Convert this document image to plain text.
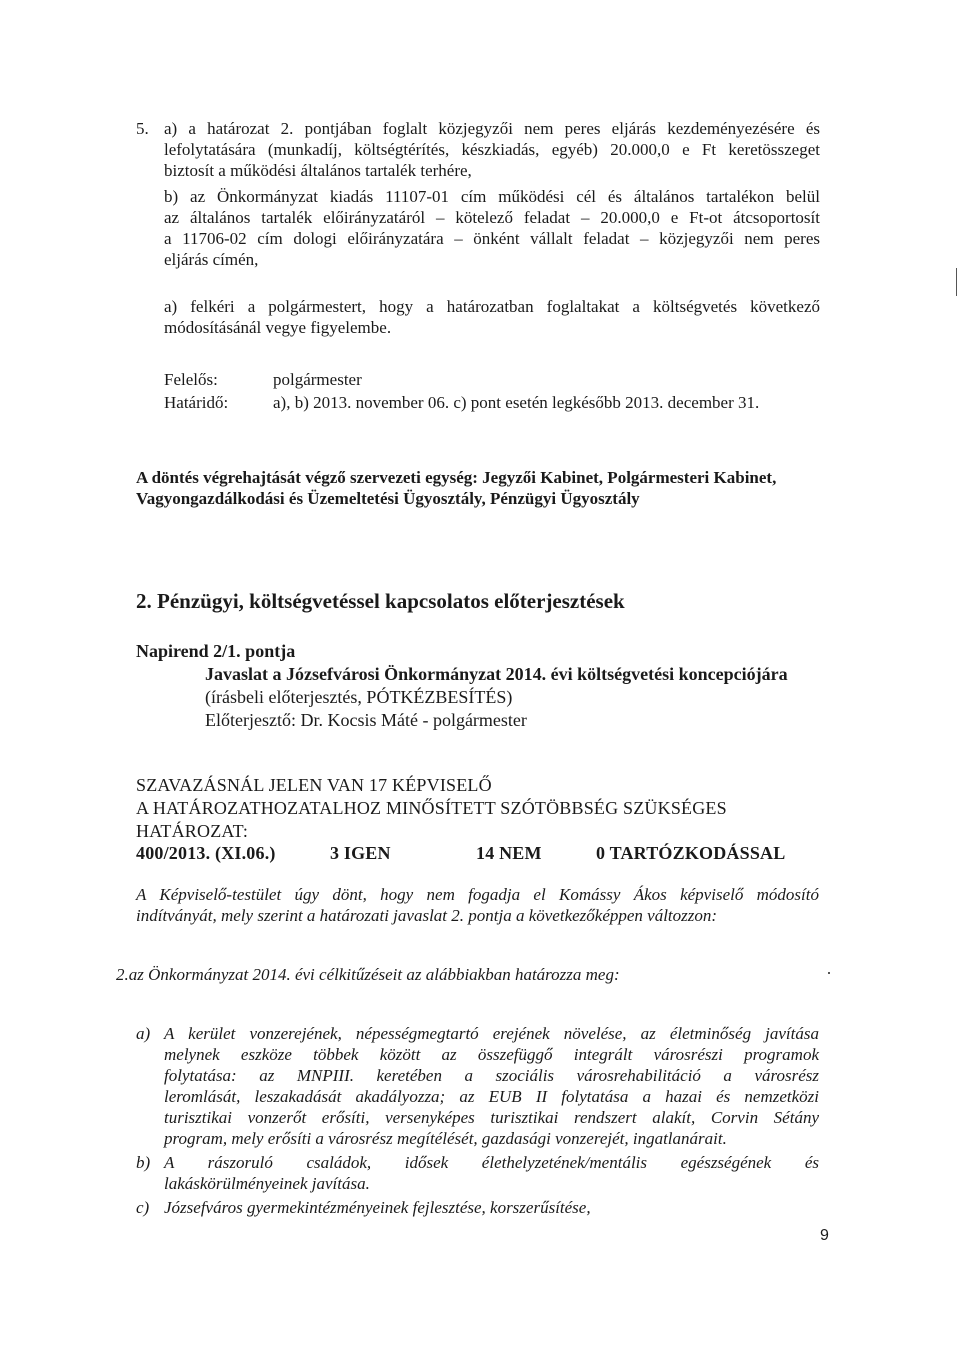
5. a) a határozat 2. pontjában foglalt közjegyzői nem peres eljárás kezdeményezésére és
lefolytatására (munkadíj, költségtérítés, készkiadás, egyéb) 20.000,0 e Ft keretösszeget
biztosít a működési általános tartalék terhére,
b) az Önkormányzat kiadás 11107-01 cím működési cél és általános tartalékon belül
az általános tartalék előirányzatáról – kötelező feladat – 20.000,0 e Ft-ot átcsoportosít
a 11706-02 cím dologi előirányzatára – önként vállalt feladat – közjegyzői nem peres
eljárás címén,
a) felkéri a polgármestert, hogy a határozatban foglaltakat a költségvetés következő
módosításánál vegye figyelembe.
Felelős:	polgármester
Határidő:	a), b) 2013. november 06. c) pont esetén legkésőbb 2013. december 31.
A döntés végrehajtását végző szervezeti egység: Jegyzői Kabinet, Polgármesteri Kabinet,
Vagyongazdálkodási és Üzemeltetési Ügyosztály, Pénzügyi Ügyosztály
2. Pénzügyi, költségvetéssel kapcsolatos előterjesztések
Napirend 2/1. pontja
Javaslat a Józsefvárosi Önkormányzat 2014. évi költségvetési koncepciójára
(írásbeli előterjesztés, PÓTKÉZBESÍTÉS)
Előterjesztő: Dr. Kocsis Máté - polgármester
SZAVAZÁSNÁL JELEN VAN 17 KÉPVISELŐ
A HATÁROZATHOZATALHOZ MINŐSÍTETT SZÓTÖBBSÉG SZÜKSÉGES
HATÁROZAT:
400/2013. (XI.06.)	3 IGEN	14 NEM	0 TARTÓZKODÁSSAL
A Képviselő-testület úgy dönt, hogy nem fogadja el Komássy Ákos képviselő módosító
indítványát, mely szerint a határozati javaslat 2. pontja a következőképpen változzon:
2.az Önkormányzat 2014. évi célkitűzéseit az alábbiakban határozza meg:
a) A kerület vonzerejének, népességmegtartó erejének növelése, az életminőség javítása
melynek eszköze többek között az összefüggő integrált városrészi programok
folytatása: az MNPIII. keretében a szociális városrehabilitáció a városrész
leromlását, leszakadását akadályozza; az EUB II folytatása a hazai és nemzetközi
turisztikai vonzerőt erősíti, versenyképes turisztikai rendszert alakít, Corvin Sétány
program, mely erősíti a városrész megítélését, gazdasági vonzerejét, ingatlanárait.
b) A rászoruló családok, idősek élethelyzetének/mentális egészségének és
lakáskörülményeinek javítása.
c) Józsefváros gyermekintézményeinek fejlesztése, korszerűsítése,
9
